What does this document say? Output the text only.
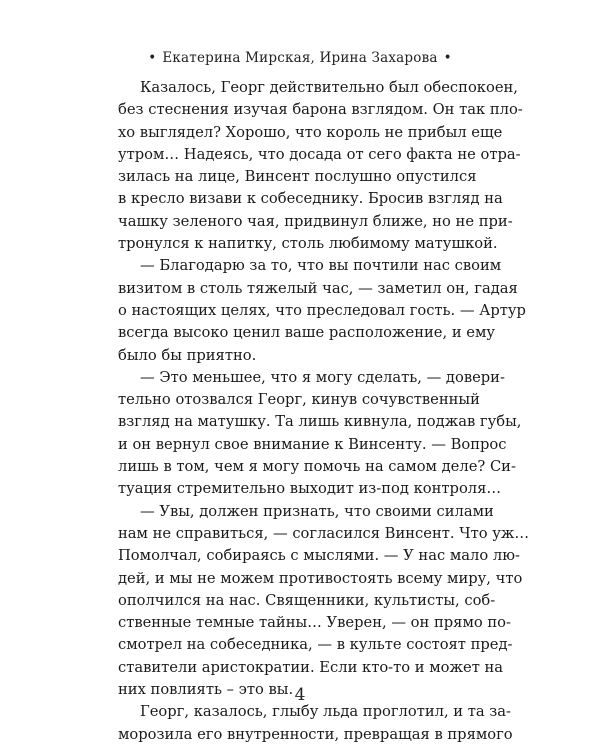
• Екатерина Мирская, Ирина Захарова •
Казалось, Георг действительно был обеспокоен,
без стеснения изучая барона взглядом. Он так пло-
хо выглядел? Хорошо, что король не прибыл еще
утром… Надеясь, что досада от сего факта не отра-
зилась на лице, Винсент послушно опустился
в кресло визави к собеседнику. Бросив взгляд на
чашку зеленого чая, придвинул ближе, но не при-
тронулся к напитку, столь любимому матушкой.
— Благодарю за то, что вы почтили нас своим
визитом в столь тяжелый час, — заметил он, гадая
о настоящих целях, что преследовал гость. — Артур
всегда высоко ценил ваше расположение, и ему
было бы приятно.
— Это меньшее, что я могу сделать, — довери-
тельно отозвался Георг, кинув сочувственный
взгляд на матушку. Та лишь кивнула, поджав губы,
и он вернул свое внимание к Винсенту. — Вопрос
лишь в том, чем я могу помочь на самом деле? Си-
туация стремительно выходит из-под контроля…
— Увы, должен признать, что своими силами
нам не справиться, — согласился Винсент. Что уж…
Помолчал, собираясь с мыслями. — У нас мало лю-
дей, и мы не можем противостоять всему миру, что
ополчился на нас. Священники, культисты, соб-
ственные темные тайны… Уверен, — он прямо по-
смотрел на собеседника, — в культе состоят пред-
ставители аристократии. Если кто-то и может на
них повлиять – это вы.
Георг, казалось, глыбу льда проглотил, и та за-
морозила его внутренности, превращая в прямого
4
